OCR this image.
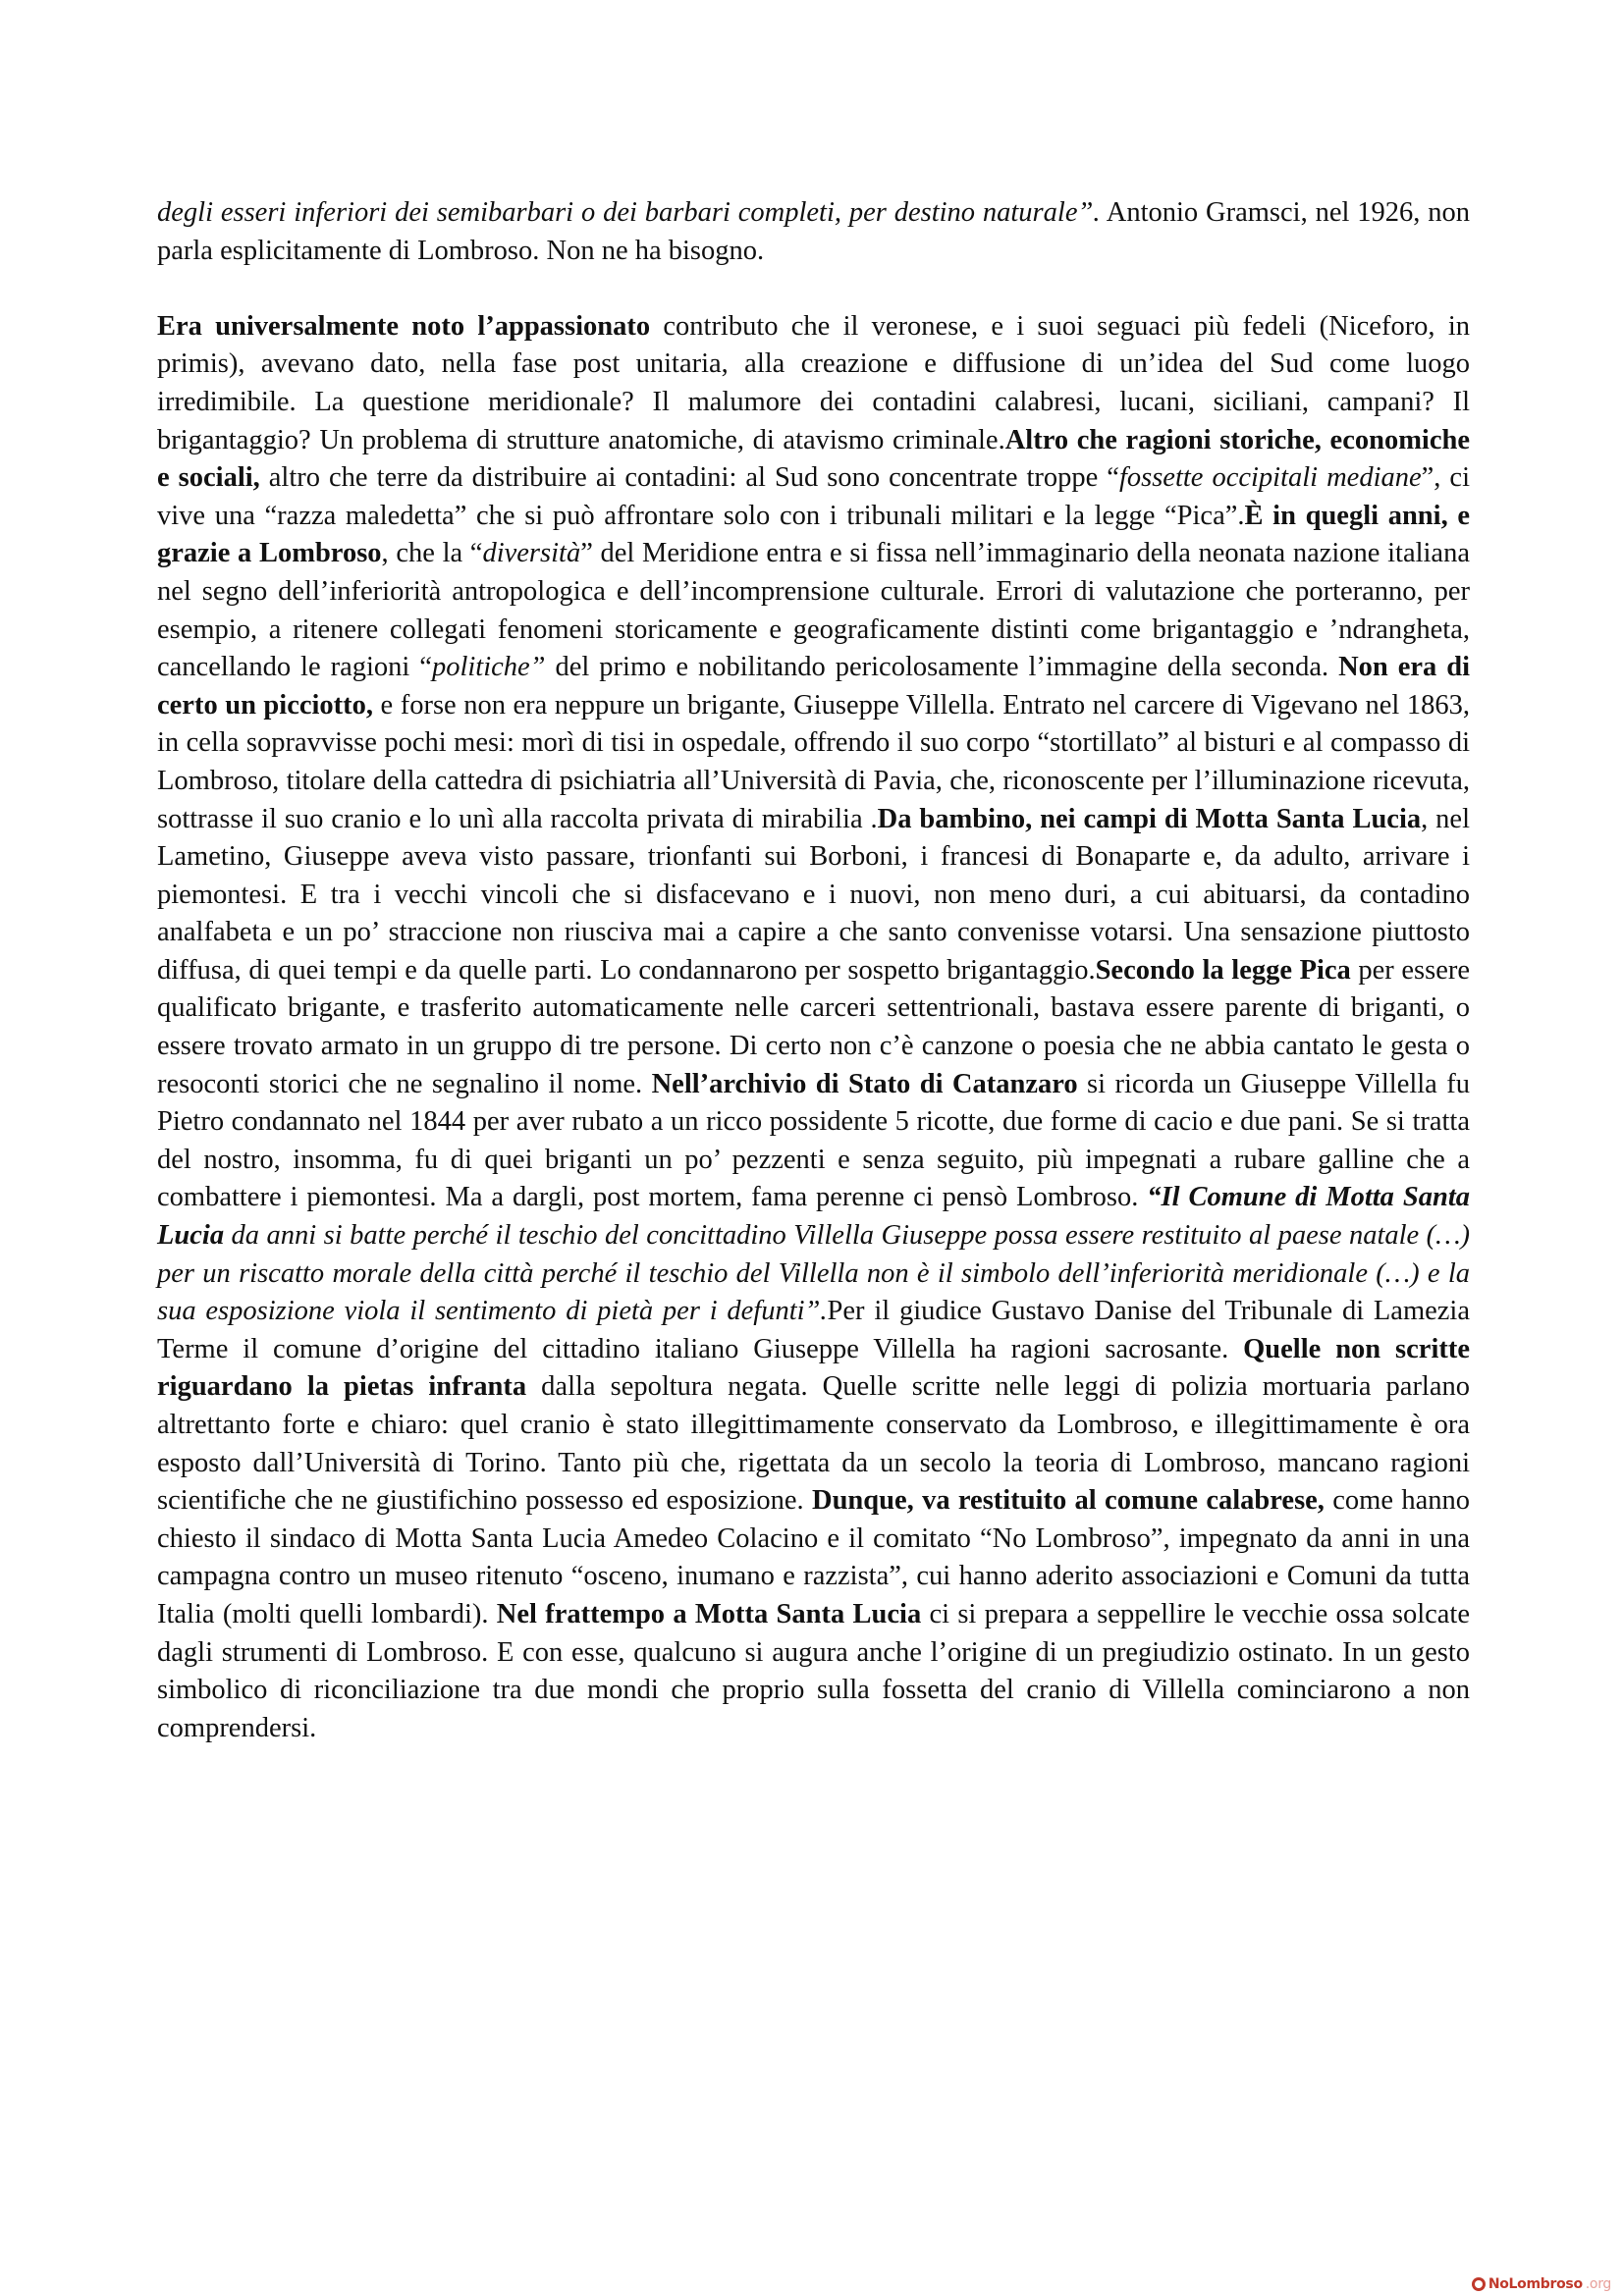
degli esseri inferiori dei semibarbari o dei barbari completi, per destino naturale”. Antonio Gramsci, nel 1926, non parla esplicitamente di Lombroso. Non ne ha bisogno.

Era universalmente noto l’appassionato contributo che il veronese, e i suoi seguaci più fedeli (Niceforo, in primis), avevano dato, nella fase post unitaria, alla creazione e diffusione di un’idea del Sud come luogo irredimibile. La questione meridionale? Il malumore dei contadini calabresi, lucani, siciliani, campani? Il brigantaggio? Un problema di strutture anatomiche, di atavismo criminale.Altro che ragioni storiche, economiche e sociali, altro che terre da distribuire ai contadini: al Sud sono concentrate troppe “fossette occipitali mediane”, ci vive una “razza maledetta” che si può affrontare solo con i tribunali militari e la legge “Pica”.È in quegli anni, e grazie a Lombroso, che la “diversità” del Meridione entra e si fissa nell’immaginario della neonata nazione italiana nel segno dell’inferiorità antropologica e dell’incomprensione culturale. Errori di valutazione che porteranno, per esempio, a ritenere collegati fenomeni storicamente e geograficamente distinti come brigantaggio e ’ndrangheta, cancellando le ragioni “politiche” del primo e nobilitando pericolosamente l’immagine della seconda. Non era di certo un picciotto, e forse non era neppure un brigante, Giuseppe Villella. Entrato nel carcere di Vigevano nel 1863, in cella sopravvisse pochi mesi: morì di tisi in ospedale, offrendo il suo corpo “stortillato” al bisturi e al compasso di Lombroso, titolare della cattedra di psichiatria all’Università di Pavia, che, riconoscente per l’illuminazione ricevuta, sottrasse il suo cranio e lo unì alla raccolta privata di mirabilia .Da bambino, nei campi di Motta Santa Lucia, nel Lametino, Giuseppe aveva visto passare, trionfanti sui Borboni, i francesi di Bonaparte e, da adulto, arrivare i piemontesi. E tra i vecchi vincoli che si disfacevano e i nuovi, non meno duri, a cui abituarsi, da contadino analfabeta e un po’ straccione non riusciva mai a capire a che santo convenisse votarsi. Una sensazione piuttosto diffusa, di quei tempi e da quelle parti. Lo condannarono per sospetto brigantaggio.Secondo la legge Pica per essere qualificato brigante, e trasferito automaticamente nelle carceri settentrionali, bastava essere parente di briganti, o essere trovato armato in un gruppo di tre persone. Di certo non c’è canzone o poesia che ne abbia cantato le gesta o resoconti storici che ne segnalino il nome. Nell’archivio di Stato di Catanzaro si ricorda un Giuseppe Villella fu Pietro condannato nel 1844 per aver rubato a un ricco possidente 5 ricotte, due forme di cacio e due pani. Se si tratta del nostro, insomma, fu di quei briganti un po’ pezzenti e senza seguito, più impegnati a rubare galline che a combattere i piemontesi. Ma a dargli, post mortem, fama perenne ci pensò Lombroso. “Il Comune di Motta Santa Lucia da anni si batte perché il teschio del concittadino Villella Giuseppe possa essere restituito al paese natale (…) per un riscatto morale della città perché il teschio del Villella non è il simbolo dell’inferiorità meridionale (…) e la sua esposizione viola il sentimento di pietà per i defunti”.Per il giudice Gustavo Danise del Tribunale di Lamezia Terme il comune d’origine del cittadino italiano Giuseppe Villella ha ragioni sacrosante. Quelle non scritte riguardano la pietas infranta dalla sepoltura negata. Quelle scritte nelle leggi di polizia mortuaria parlano altrettanto forte e chiaro: quel cranio è stato illegittimamente conservato da Lombroso, e illegittimamente è ora esposto dall’Università di Torino. Tanto più che, rigettata da un secolo la teoria di Lombroso, mancano ragioni scientifiche che ne giustifichino possesso ed esposizione. Dunque, va restituito al comune calabrese, come hanno chiesto il sindaco di Motta Santa Lucia Amedeo Colacino e il comitato “No Lombroso”, impegnato da anni in una campagna contro un museo ritenuto “osceno, inumano e razzista”, cui hanno aderito associazioni e Comuni da tutta Italia (molti quelli lombardi). Nel frattempo a Motta Santa Lucia ci si prepara a seppellire le vecchie ossa solcate dagli strumenti di Lombroso. E con esse, qualcuno si augura anche l’origine di un pregiudizio ostinato. In un gesto simbolico di riconciliazione tra due mondi che proprio sulla fossetta del cranio di Villella cominciarono a non comprendersi.

NoLombroso .org
